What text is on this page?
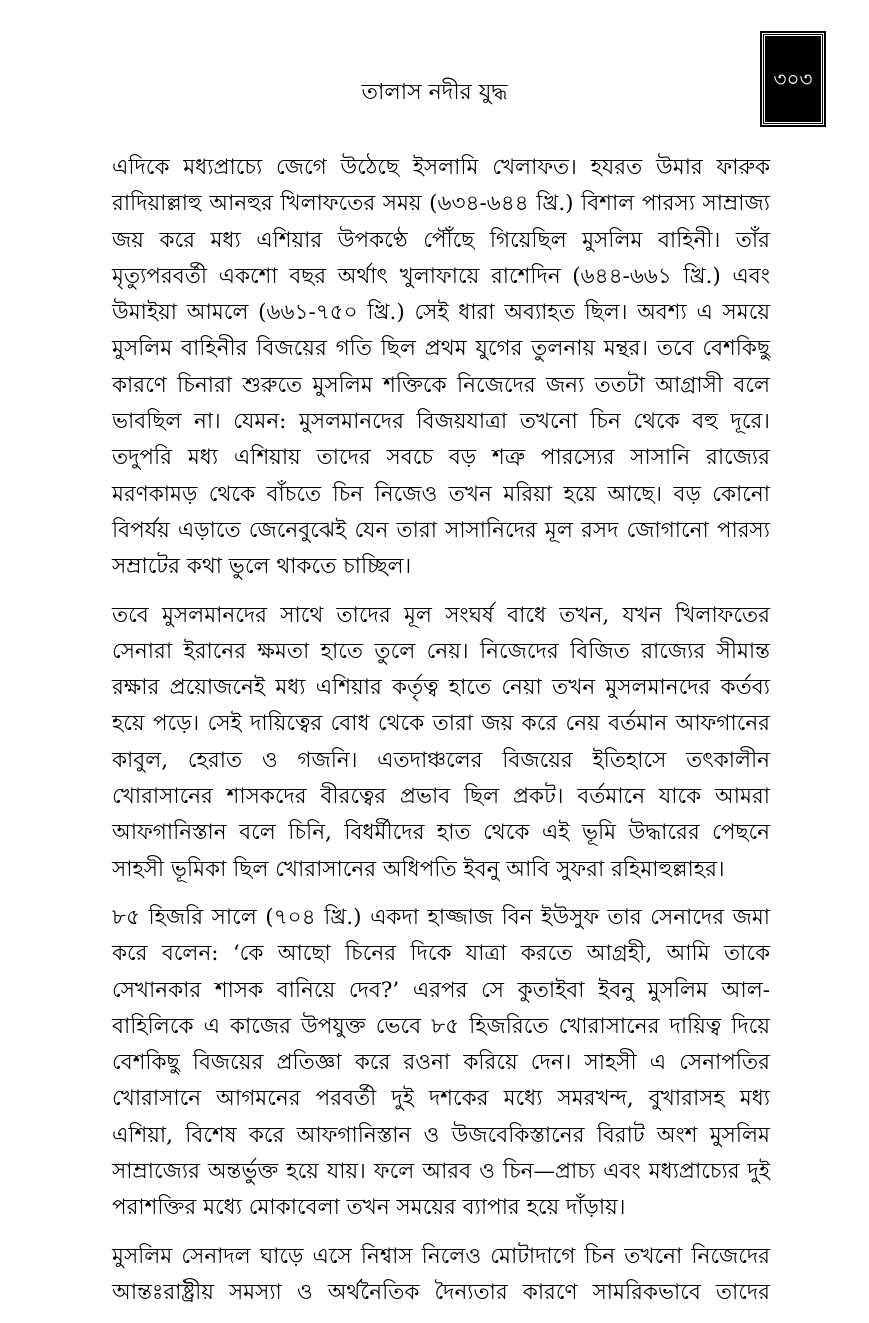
তালাস নদীর যুদ্ধ
৩০৩

এদিকে মধ্যপ্রাচ্যে জেগে উঠেছে ইসলামি খেলাফত। হযরত উমার ফারুক রাদিয়াল্লাহু আনহুর খিলাফতের সময় (৬৩৪-৬৪৪ খ্রি.) বিশাল পারস্য সাম্রাজ্য জয় করে মধ্য এশিয়ার উপকণ্ঠে পৌঁছে গিয়েছিল মুসলিম বাহিনী। তাঁর মৃত্যুপরবর্তী একশো বছর অর্থাৎ খুলাফায়ে রাশেদিন (৬৪৪-৬৬১ খ্রি.) এবং উমাইয়া আমলে (৬৬১-৭৫০ খ্রি.) সেই ধারা অব্যাহত ছিল। অবশ্য এ সময়ে মুসলিম বাহিনীর বিজয়ের গতি ছিল প্রথম যুগের তুলনায় মন্থর। তবে বেশকিছু কারণে চিনারা শুরুতে মুসলিম শক্তিকে নিজেদের জন্য ততটা আগ্রাসী বলে ভাবছিল না। যেমন: মুসলমানদের বিজয়যাত্রা তখনো চিন থেকে বহু দূরে। তদুপরি মধ্য এশিয়ায় তাদের সবচে বড় শত্রু পারস্যের সাসানি রাজ্যের মরণকামড় থেকে বাঁচতে চিন নিজেও তখন মরিয়া হয়ে আছে। বড় কোনো বিপর্যয় এড়াতে জেনেবুঝেই যেন তারা সাসানিদের মূল রসদ জোগানো পারস্য সম্রাটের কথা ভুলে থাকতে চাচ্ছিল।

তবে মুসলমানদের সাথে তাদের মূল সংঘর্ষ বাধে তখন, যখন খিলাফতের সেনারা ইরানের ক্ষমতা হাতে তুলে নেয়। নিজেদের বিজিত রাজ্যের সীমান্ত রক্ষার প্রয়োজনেই মধ্য এশিয়ার কর্তৃত্ব হাতে নেয়া তখন মুসলমানদের কর্তব্য হয়ে পড়ে। সেই দায়িত্বের বোধ থেকে তারা জয় করে নেয় বর্তমান আফগানের কাবুল, হেরাত ও গজনি। এতদাঞ্চলের বিজয়ের ইতিহাসে তৎকালীন খোরাসানের শাসকদের বীরত্বের প্রভাব ছিল প্রকট। বর্তমানে যাকে আমরা আফগানিস্তান বলে চিনি, বিধর্মীদের হাত থেকে এই ভূমি উদ্ধারের পেছনে সাহসী ভূমিকা ছিল খোরাসানের অধিপতি ইবনু আবি সুফরা রহিমাহুল্লাহর।

৮৫ হিজরি সালে (৭০৪ খ্রি.) একদা হাজ্জাজ বিন ইউসুফ তার সেনাদের জমা করে বলেন: ‘কে আছো চিনের দিকে যাত্রা করতে আগ্রহী, আমি তাকে সেখানকার শাসক বানিয়ে দেব?’ এরপর সে কুতাইবা ইবনু মুসলিম আল-বাহিলিকে এ কাজের উপযুক্ত ভেবে ৮৫ হিজরিতে খোরাসানের দায়িত্ব দিয়ে বেশকিছু বিজয়ের প্রতিজ্ঞা করে রওনা করিয়ে দেন। সাহসী এ সেনাপতির খোরাসানে আগমনের পরবর্তী দুই দশকের মধ্যে সমরখন্দ, বুখারাসহ মধ্য এশিয়া, বিশেষ করে আফগানিস্তান ও উজবেকিস্তানের বিরাট অংশ মুসলিম সাম্রাজ্যের অন্তর্ভুক্ত হয়ে যায়। ফলে আরব ও চিন—প্রাচ্য এবং মধ্যপ্রাচ্যের দুই পরাশক্তির মধ্যে মোকাবেলা তখন সময়ের ব্যাপার হয়ে দাঁড়ায়।

মুসলিম সেনাদল ঘাড়ে এসে নিশ্বাস নিলেও মোটাদাগে চিন তখনো নিজেদের আন্তঃরাষ্ট্রীয় সমস্যা ও অর্থনৈতিক দৈন্যতার কারণে সামরিকভাবে তাদের
